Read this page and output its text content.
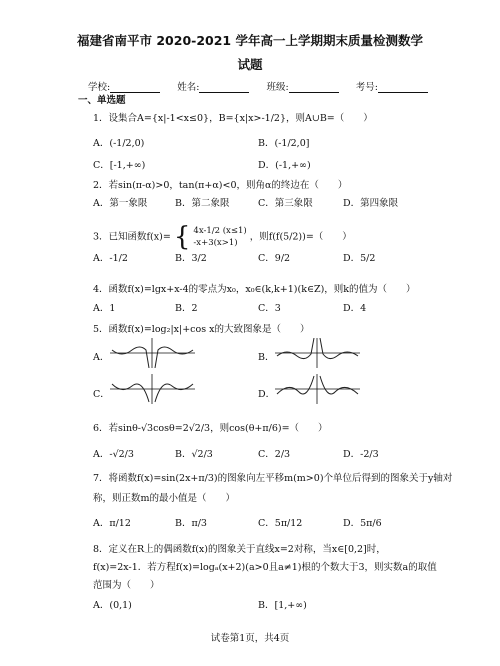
福建省南平市 2020-2021 学年高一上学期期末质量检测数学
试题
学校:	姓名:	班级:	考号:
一、单选题
1．设集合A={x|-1<x≤0}，B={x|x>-1/2}，则A∪B=（　　）
A．(-1/2,0)	B．(-1/2,0]
C．[-1,+∞)	D．(-1,+∞)
2．若sin(π-α)>0，tan(π+α)<0，则角α的终边在（　　）
A．第一象限	B．第二象限	C．第三象限	D．第四象限
3．已知函数f(x)= { 4x-1/2 (x≤1)
-x+3(x>1)
，则f(f(5/2))=（　　）
A．-1/2	B．3/2	C．9/2	D．5/2
4．函数f(x)=lgx+x-4的零点为x₀，x₀∈(k,k+1)(k∈Z)，则k的值为（　　）
A．1	B．2	C．3	D．4
5．函数f(x)=log₂|x|+cos x的大致图象是（　　）
A．	B．
C．	D．
6．若sinθ-√3cosθ=2√2/3，则cos(θ+π/6)=（　　）
A．-√2/3	B．√2/3	C．2/3	D．-2/3
7．将函数f(x)=sin(2x+π/3)的图象向左平移m(m>0)个单位后得到的图象关于y轴对
称，则正数m的最小值是（　　）
A．π/12	B．π/3	C．5π/12	D．5π/6
8．定义在R上的偶函数f(x)的图象关于直线x=2对称，当x∈[0,2]时，
f(x)=2x-1．若方程f(x)=logₐ(x+2)(a>0且a≠1)根的个数大于3，则实数a的取值
范围为（　　）
A．(0,1)	B．[1,+∞)
试卷第1页，共4页
